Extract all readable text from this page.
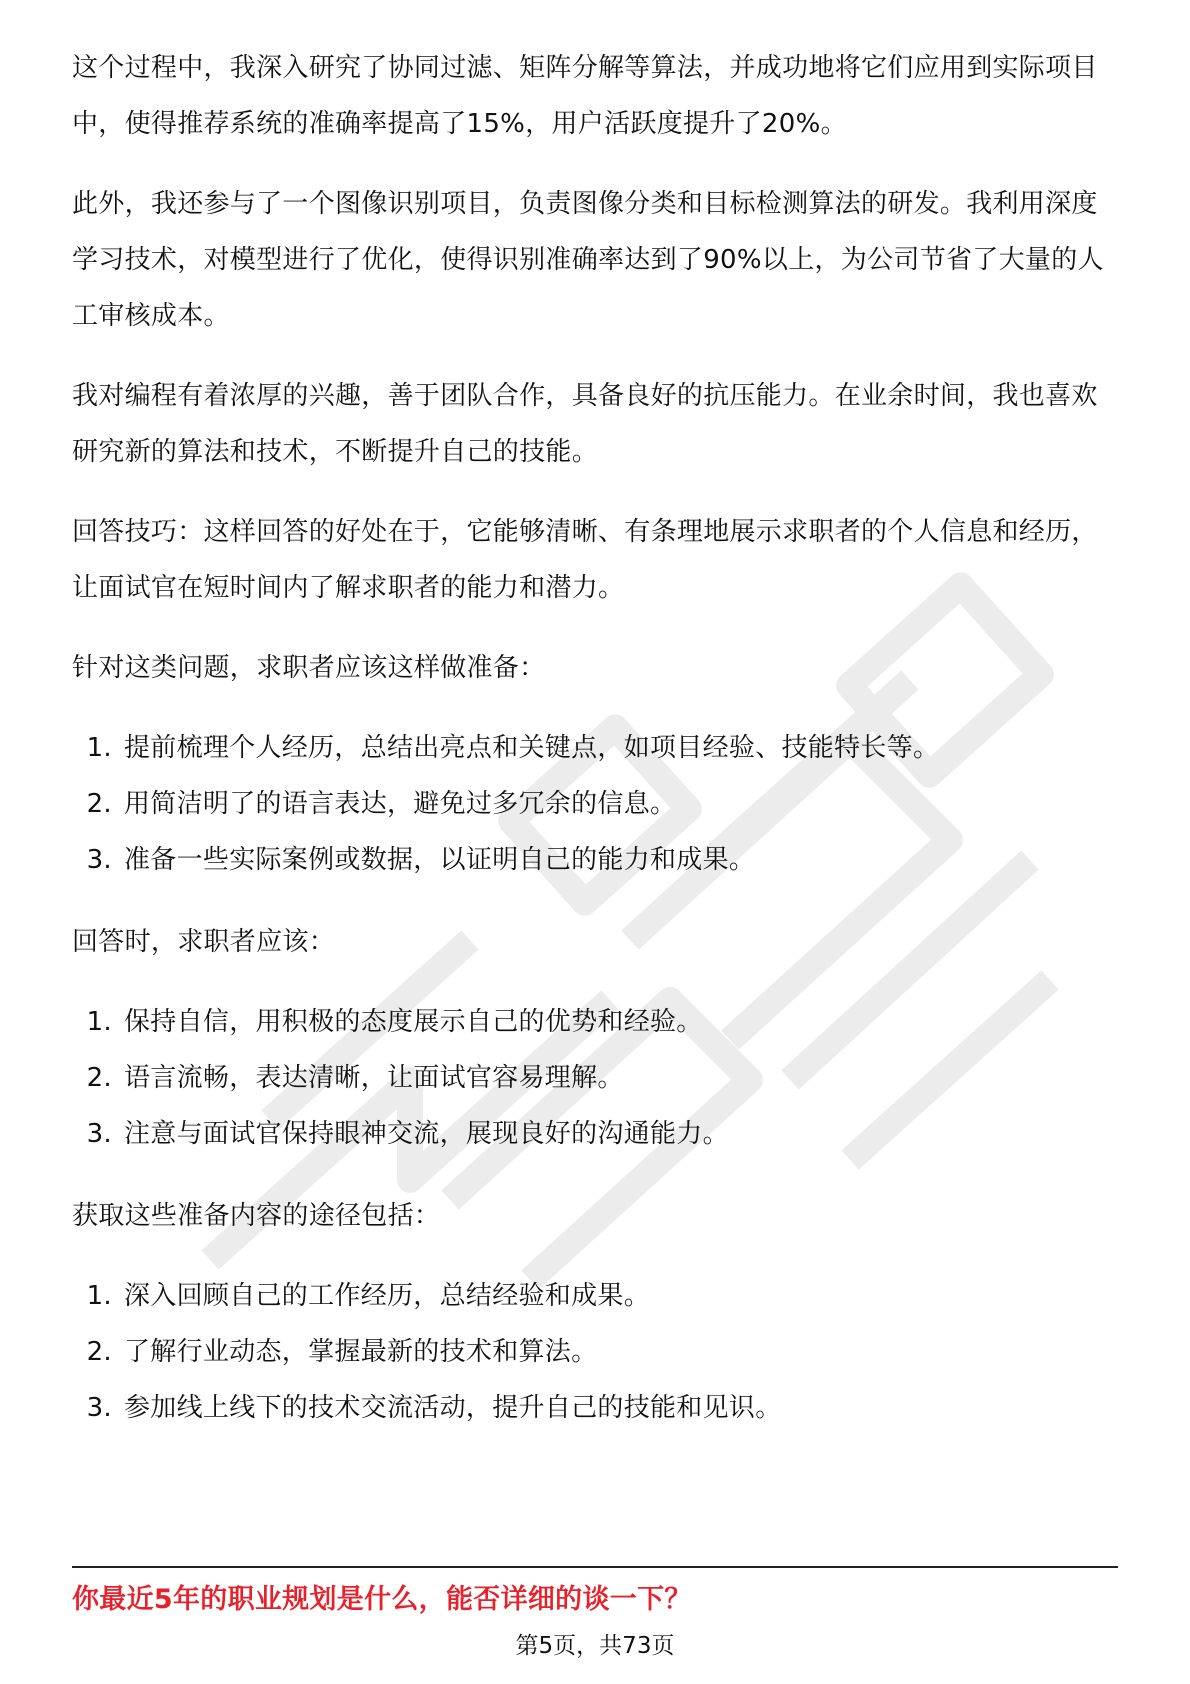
这个过程中，我深入研究了协同过滤、矩阵分解等算法，并成功地将它们应用到实际项目中，使得推荐系统的准确率提高了15%，用户活跃度提升了20%。

此外，我还参与了一个图像识别项目，负责图像分类和目标检测算法的研发。我利用深度学习技术，对模型进行了优化，使得识别准确率达到了90%以上，为公司节省了大量的人工审核成本。

我对编程有着浓厚的兴趣，善于团队合作，具备良好的抗压能力。在业余时间，我也喜欢研究新的算法和技术，不断提升自己的技能。

回答技巧：这样回答的好处在于，它能够清晰、有条理地展示求职者的个人信息和经历，让面试官在短时间内了解求职者的能力和潜力。

针对这类问题，求职者应该这样做准备：

1. 提前梳理个人经历，总结出亮点和关键点，如项目经验、技能特长等。
2. 用简洁明了的语言表达，避免过多冗余的信息。
3. 准备一些实际案例或数据，以证明自己的能力和成果。

回答时，求职者应该：

1. 保持自信，用积极的态度展示自己的优势和经验。
2. 语言流畅，表达清晰，让面试官容易理解。
3. 注意与面试官保持眼神交流，展现良好的沟通能力。

获取这些准备内容的途径包括：

1. 深入回顾自己的工作经历，总结经验和成果。
2. 了解行业动态，掌握最新的技术和算法。
3. 参加线上线下的技术交流活动，提升自己的技能和见识。
你最近5年的职业规划是什么，能否详细的谈一下？
第5页，共73页
